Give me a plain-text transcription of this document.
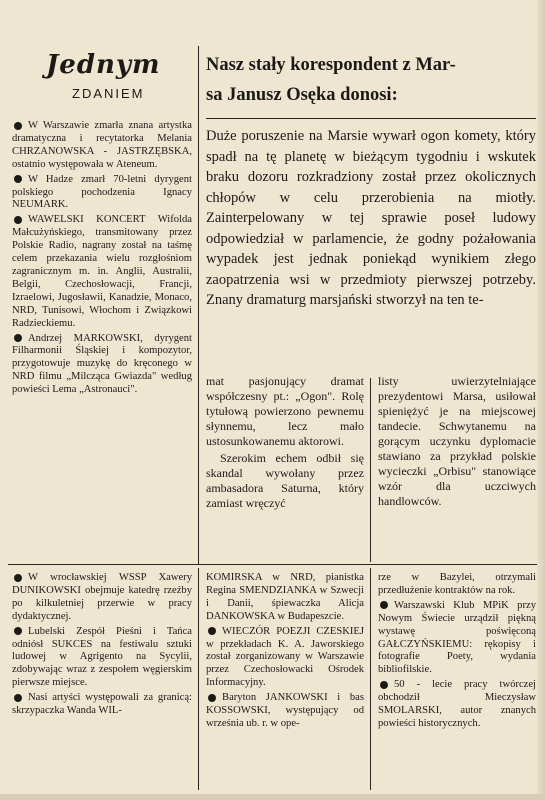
Jednym
ZDANIEM

W Warszawie zmarła znana artystka dramatyczna i recytatorka Melania CHRZANOWSKA - JASTRZĘBSKA, ostatnio występowała w Ateneum.

W Hadze zmarł 70-letni dyrygent polskiego pochodzenia Ignacy NEUMARK.

WAWELSKI KONCERT Wifolda Małcużyńskiego, transmitowany przez Polskie Radio, nagrany został na taśmę celem przekazania wielu rozgłośniom zagranicznym m. in. Anglii, Australii, Belgii, Czechosłowacji, Francji, Izraelowi, Jugosławii, Kanadzie, Monaco, NRD, Tunisowi, Włochom i Związkowi Radzieckiemu.

Andrzej MARKOWSKI, dyrygent Filharmonii Śląskiej i kompozytor, przygotowuje muzykę do kręconego w NRD filmu „Milcząca Gwiazda" według powieści Lema „Astronauci".

Nasz stały korespondent z Mar-
sa Janusz Osęka donosi:
Duże poruszenie na Marsie wywarł ogon komety, który spadł na tę planetę w bieżącym tygodniu i wskutek braku dozoru rozkradziony został przez okolicznych chłopów w celu przerobienia na miotły. Zainterpelowany w tej sprawie poseł ludowy odpowiedział w parlamencie, że godny pożałowania wypadek jest jednak poniekąd wynikiem złego zaopatrzenia wsi w przedmioty pierwszej potrzeby. Znany dramaturg marsjański stworzył na ten te-

mat pasjonujący dramat współczesny pt.: „Ogon". Rolę tytułową powierzono pewnemu słynnemu, lecz mało ustosunkowanemu aktorowi.

Szerokim echem odbił się skandal wywołany przez ambasadora Saturna, który zamiast wręczyć

listy uwierzytelniające prezydentowi Marsa, usiłował spieniężyć je na miejscowej tandecie. Schwytanemu na gorącym uczynku dyplomacie stawiano za przykład polskie wycieczki „Orbisu" stanowiące wzór dla uczciwych handlowców.

W wrocławskiej WSSP Xawery DUNIKOWSKI obejmuje katedrę rzeźby po kilkuletniej przerwie w pracy dydaktycznej.

Lubelski Zespół Pieśni i Tańca odniósł SUKCES na festiwalu sztuki ludowej w Agrigento na Sycylii, zdobywając wraz z zespołem węgierskim pierwsze miejsce.

Nasi artyści występowali za granicą: skrzypaczka Wanda WIL-

KOMIRSKA w NRD, pianistka Regina SMENDZIANKA w Szwecji i Danii, śpiewaczka Alicja DANKOWSKA w Budapeszcie.

WIECZÓR POEZJI CZESKIEJ w przekładach K. A. Jaworskiego został zorganizowany w Warszawie przez Czechosłowacki Ośrodek Informacyjny.

Baryton JANKOWSKI i bas KOSSOWSKI, występujący od września ub. r. w ope-

rze w Bazylei, otrzymali przedłużenie kontraktów na rok.

Warszawski Klub MPiK przy Nowym Świecie urządził piękną wystawę poświęconą GAŁCZYŃSKIEMU: rękopisy i fotografie Poety, wydania bibliofilskie.

50 - lecie pracy twórczej obchodził Mieczysław SMOLARSKI, autor znanych powieści historycznych.
